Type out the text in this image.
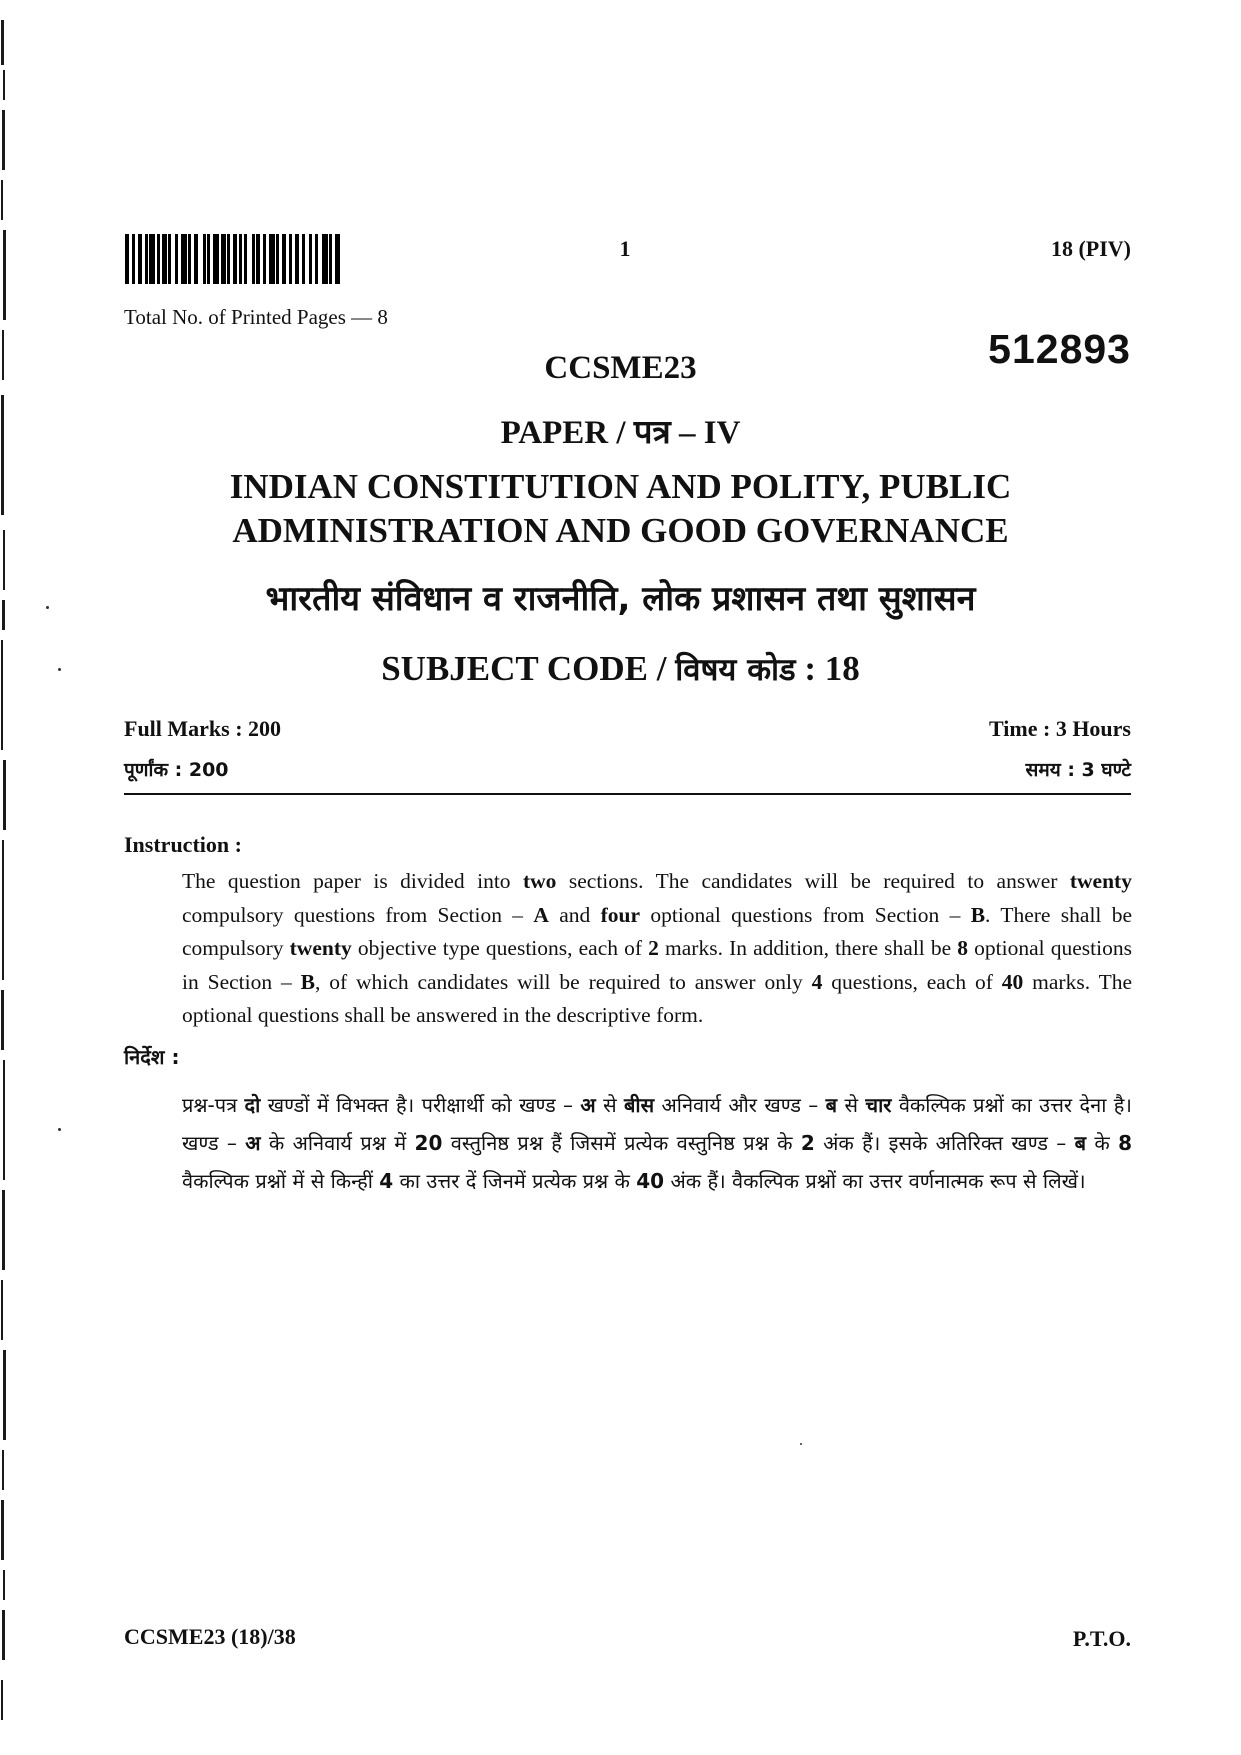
1	18 (PIV)
Total No. of Printed Pages — 8
512893
CCSME23
PAPER / पत्र – IV
INDIAN CONSTITUTION AND POLITY, PUBLIC
ADMINISTRATION AND GOOD GOVERNANCE
भारतीय संविधान व राजनीति, लोक प्रशासन तथा सुशासन
SUBJECT CODE / विषय कोड : 18
Full Marks : 200	Time : 3 Hours
पूर्णांक : 200	समय : 3 घण्टे
Instruction :
The question paper is divided into two sections. The candidates will be required to answer twenty compulsory questions from Section – A and four optional questions from Section – B. There shall be compulsory twenty objective type questions, each of 2 marks. In addition, there shall be 8 optional questions in Section – B, of which candidates will be required to answer only 4 questions, each of 40 marks. The optional questions shall be answered in the descriptive form.
निर्देश :
प्रश्न-पत्र दो खण्डों में विभक्त है। परीक्षार्थी को खण्ड – अ से बीस अनिवार्य और खण्ड – ब से चार वैकल्पिक प्रश्नों का उत्तर देना है। खण्ड – अ के अनिवार्य प्रश्न में 20 वस्तुनिष्ठ प्रश्न हैं जिसमें प्रत्येक वस्तुनिष्ठ प्रश्न के 2 अंक हैं। इसके अतिरिक्त खण्ड – ब के 8 वैकल्पिक प्रश्नों में से किन्हीं 4 का उत्तर दें जिनमें प्रत्येक प्रश्न के 40 अंक हैं। वैकल्पिक प्रश्नों का उत्तर वर्णनात्मक रूप से लिखें।
CCSME23 (18)/38	P.T.O.
